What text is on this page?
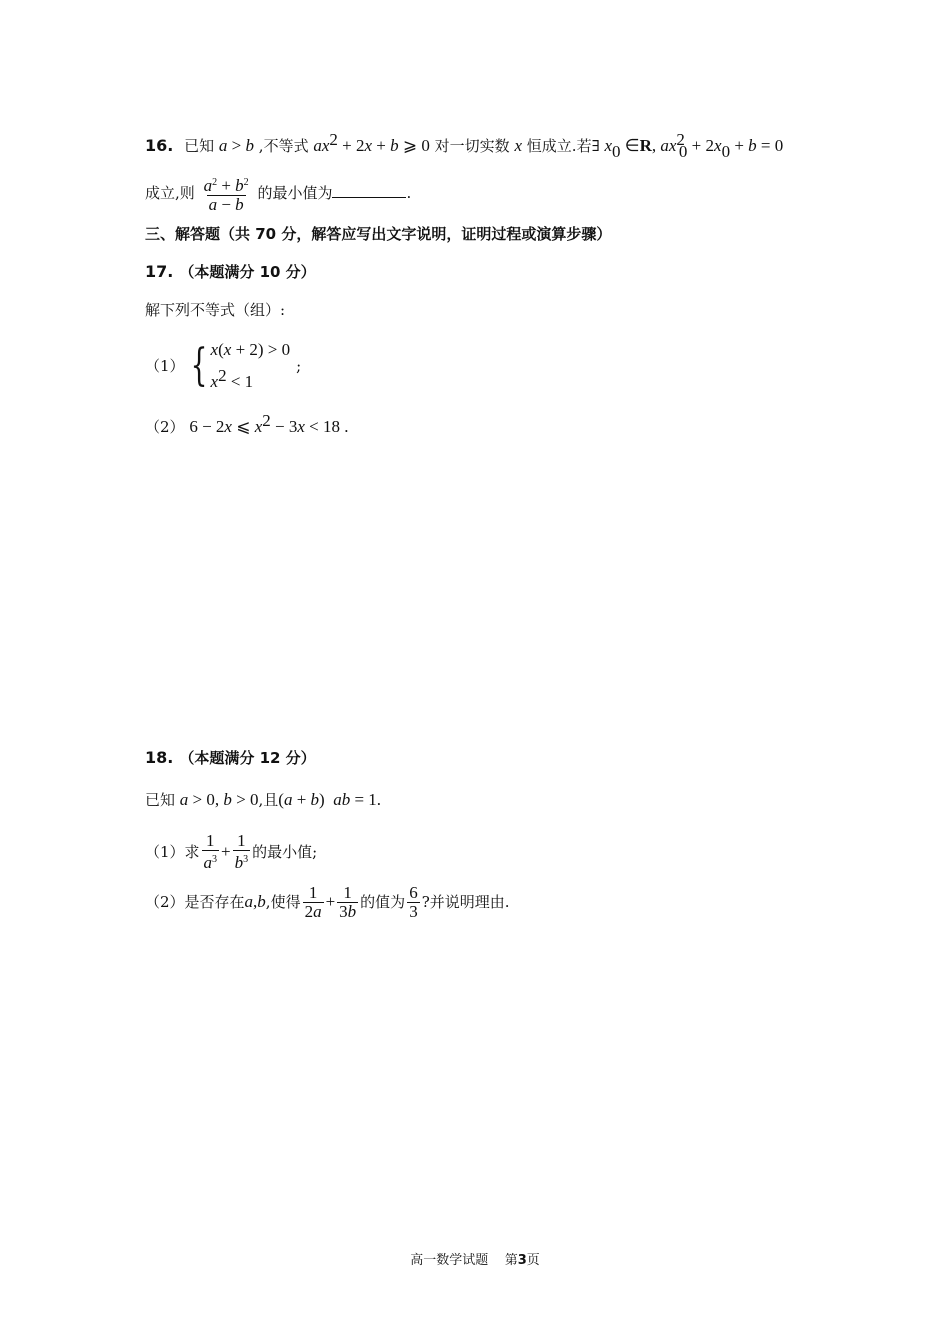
16. 已知 a > b ,不等式 $ax^2 + 2x + b$ ⩾ 0 对一切实数 x 恒成立.若∃ $x_0$ ∈R, $ax^2_0 + 2x_0 + b = 0$
成立,则 $\frac{a^2 + b^2}{a - b}$ 的最小值为	.
三、解答题（共 70 分，解答应写出文字说明，证明过程或演算步骤）
17. （本题满分 10 分）
解下列不等式（组）:
（1） { x(x + 2) > 0
$x^2 < 1$
;
（2） 6 − 2x ⩽ $x^2 - 3x < 18$ .
18. （本题满分 12 分）
已知 a > 0, b > 0,且(a + b)  ab = 1.
（1）求 $\frac{1}{a^3} + \frac{1}{b^3}$ 的最小值;
（2）是否存在 a , b ,使得 $\frac{1}{2a} + \frac{1}{3b}$ 的值为 $\frac{6}{3}$ ?并说明理由.
高一数学试题 第3页
